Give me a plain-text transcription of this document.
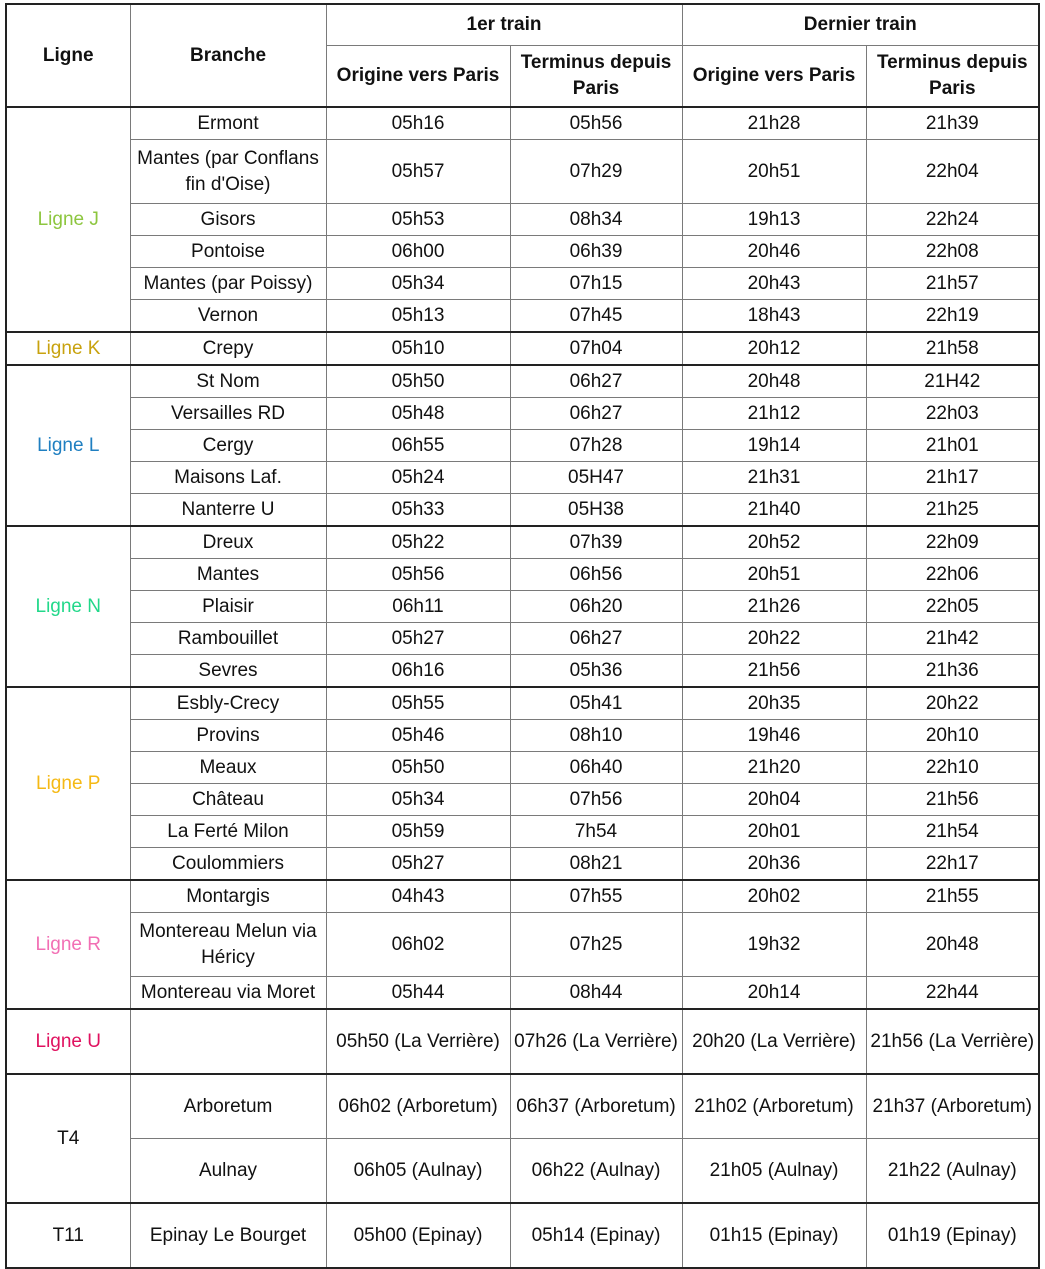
Ligne	Branche	1er train		Dernier train	
		Origine vers Paris	Terminus depuis Paris	Origine vers Paris	Terminus depuis Paris
Ligne J	Ermont	05h16	05h56	21h28	21h39
	Mantes (par Conflans fin d'Oise)	05h57	07h29	20h51	22h04
	Gisors	05h53	08h34	19h13	22h24
	Pontoise	06h00	06h39	20h46	22h08
	Mantes (par Poissy)	05h34	07h15	20h43	21h57
	Vernon	05h13	07h45	18h43	22h19
Ligne K	Crepy	05h10	07h04	20h12	21h58
Ligne L	St Nom	05h50	06h27	20h48	21H42
	Versailles RD	05h48	06h27	21h12	22h03
	Cergy	06h55	07h28	19h14	21h01
	Maisons Laf.	05h24	05H47	21h31	21h17
	Nanterre U	05h33	05H38	21h40	21h25
Ligne N	Dreux	05h22	07h39	20h52	22h09
	Mantes	05h56	06h56	20h51	22h06
	Plaisir	06h11	06h20	21h26	22h05
	Rambouillet	05h27	06h27	20h22	21h42
	Sevres	06h16	05h36	21h56	21h36
Ligne P	Esbly-Crecy	05h55	05h41	20h35	20h22
	Provins	05h46	08h10	19h46	20h10
	Meaux	05h50	06h40	21h20	22h10
	Château	05h34	07h56	20h04	21h56
	La Ferté Milon	05h59	7h54	20h01	21h54
	Coulommiers	05h27	08h21	20h36	22h17
Ligne R	Montargis	04h43	07h55	20h02	21h55
	Montereau Melun via Héricy	06h02	07h25	19h32	20h48
	Montereau via Moret	05h44	08h44	20h14	22h44
Ligne U		05h50 (La Verrière)	07h26 (La Verrière)	20h20 (La Verrière)	21h56 (La Verrière)
T4	Arboretum	06h02 (Arboretum)	06h37 (Arboretum)	21h02 (Arboretum)	21h37 (Arboretum)
	Aulnay	06h05 (Aulnay)	06h22 (Aulnay)	21h05 (Aulnay)	21h22 (Aulnay)
T11	Epinay Le Bourget	05h00 (Epinay)	05h14 (Epinay)	01h15 (Epinay)	01h19 (Epinay)
